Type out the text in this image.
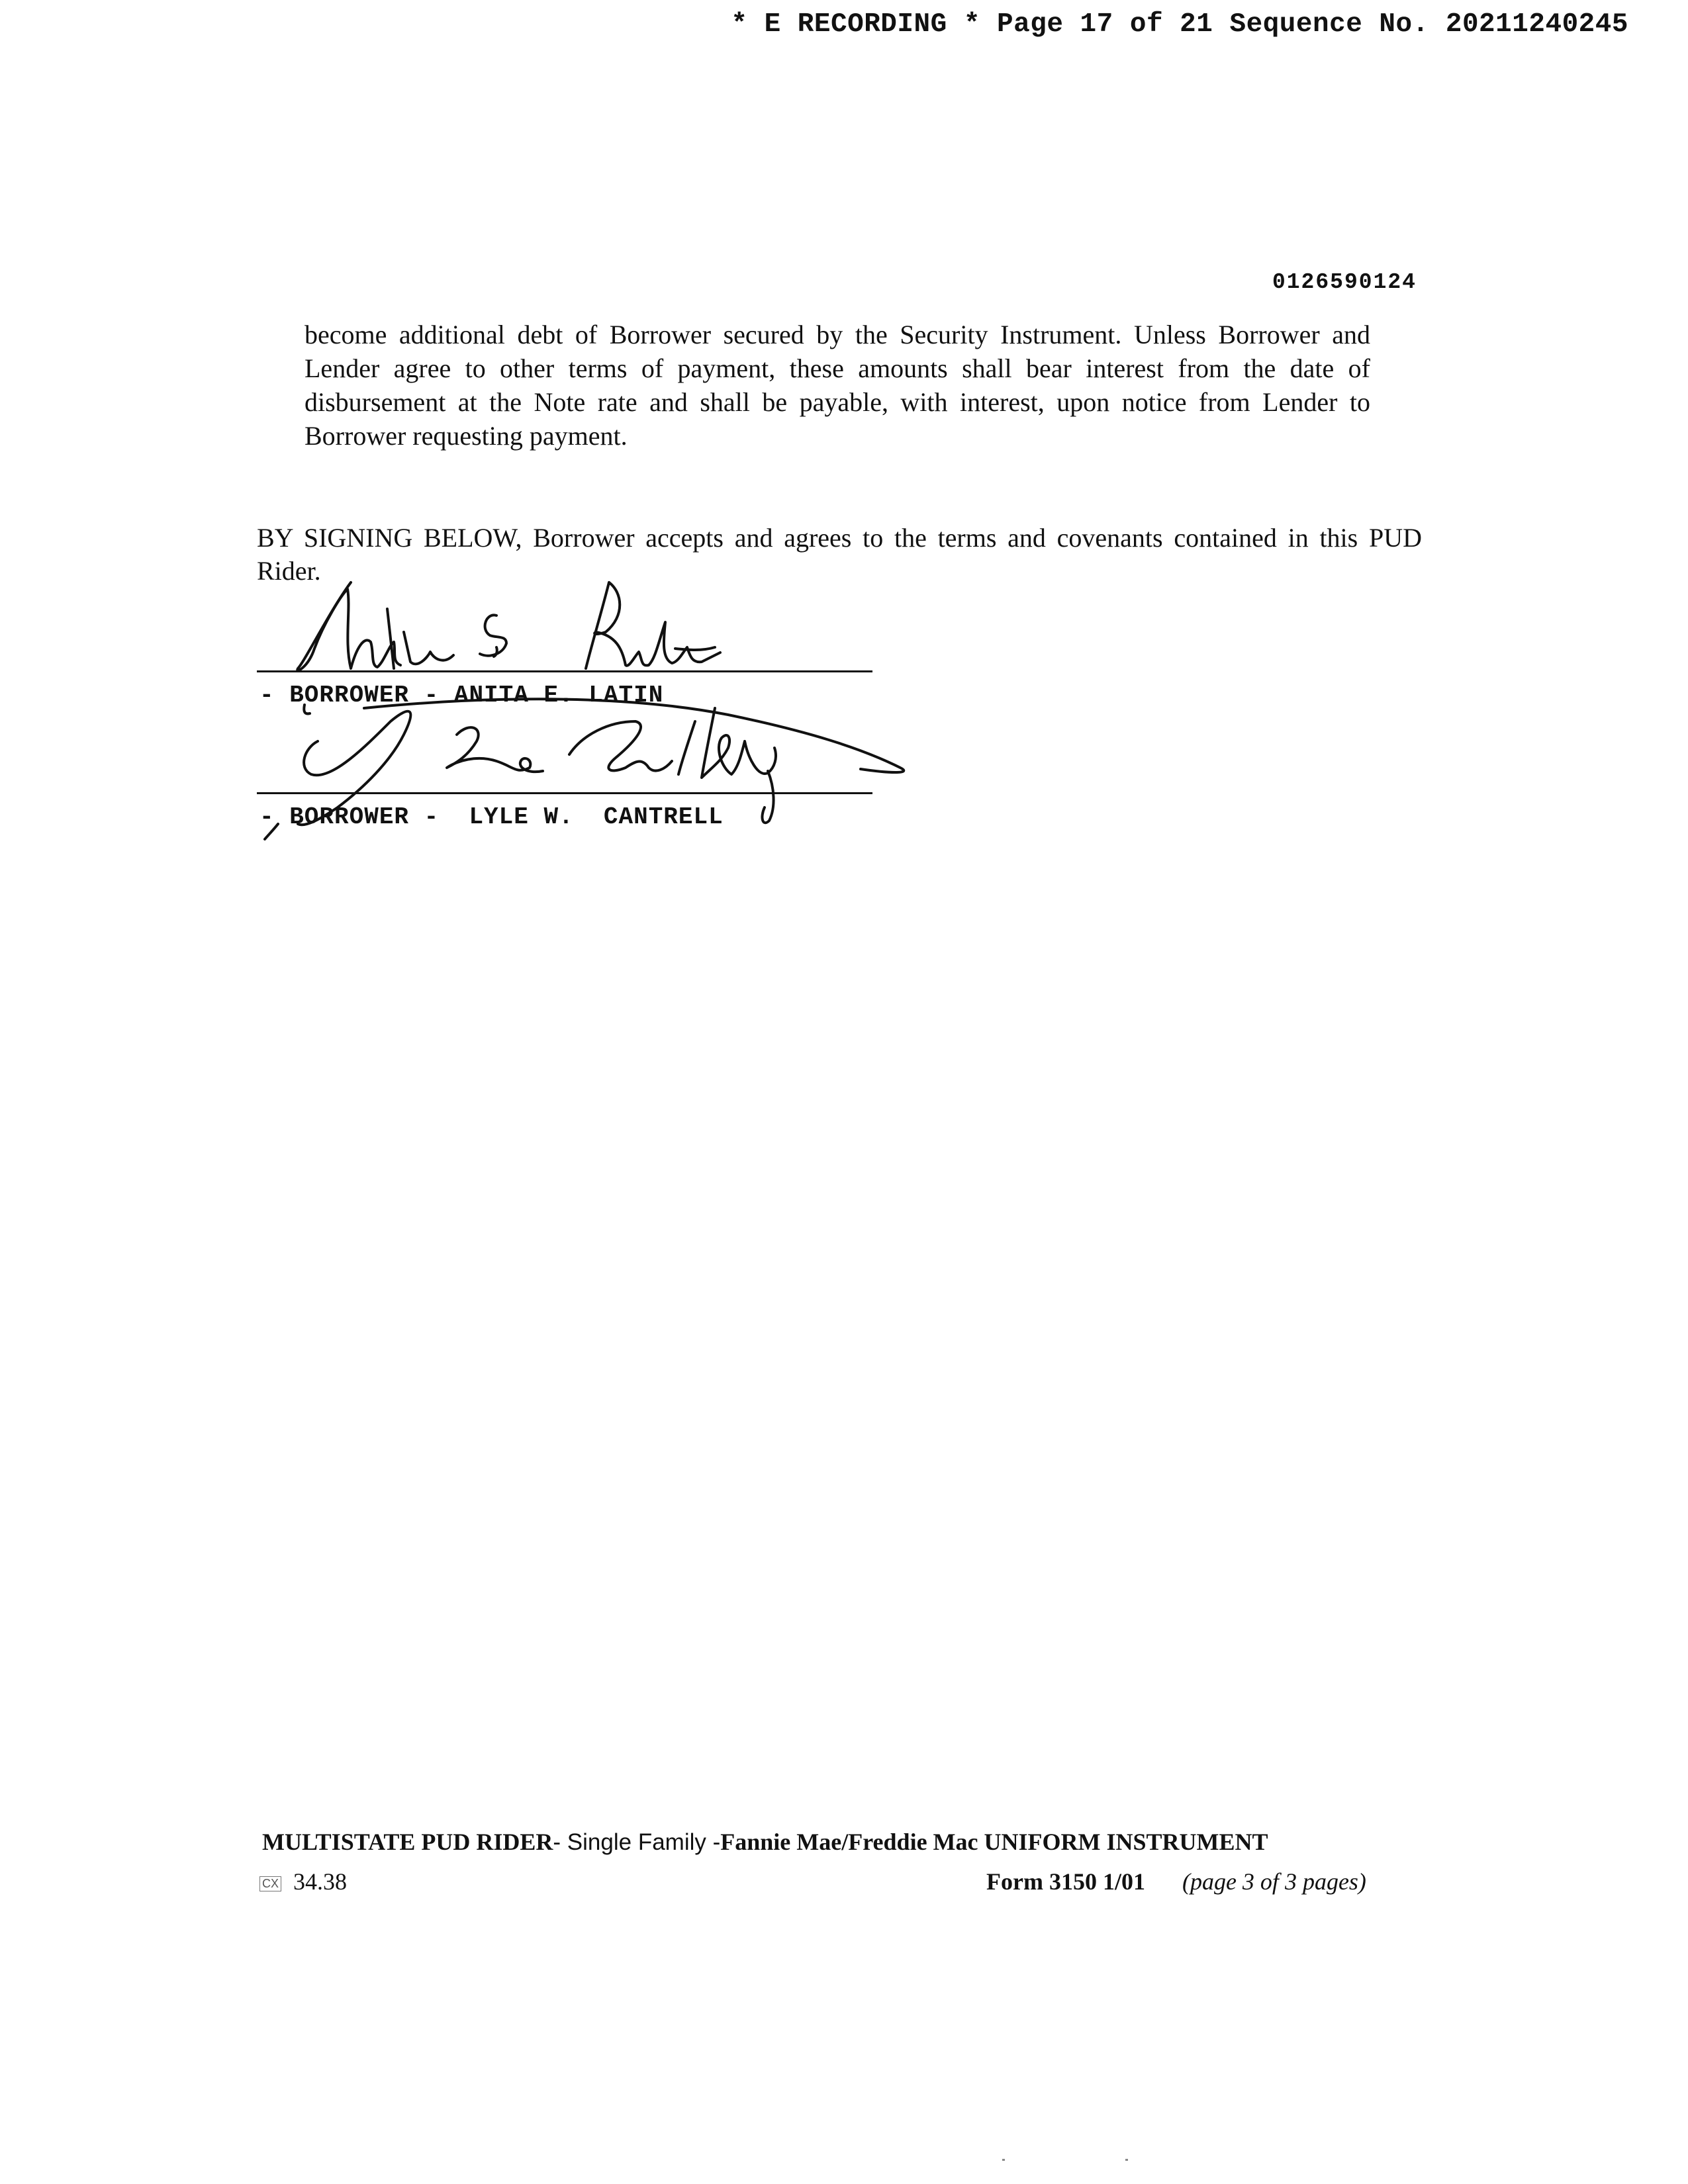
* E RECORDING * Page 17 of 21 Sequence No. 20211240245
0126590124

become additional debt of Borrower secured by the Security Instrument. Unless Borrower and Lender agree to other terms of payment, these amounts shall bear interest from the date of disbursement at the Note rate and shall be payable, with interest, upon notice from Lender to Borrower requesting payment.

BY SIGNING BELOW, Borrower accepts and agrees to the terms and covenants contained in this PUD Rider.

- BORROWER - ANITA E. LATIN
- BORROWER -  LYLE W.  CANTRELL
MULTISTATE PUD RIDER- Single Family -Fannie Mae/Freddie Mac UNIFORM INSTRUMENT
CX 34.38	Form 3150 1/01 (page 3 of 3 pages)
